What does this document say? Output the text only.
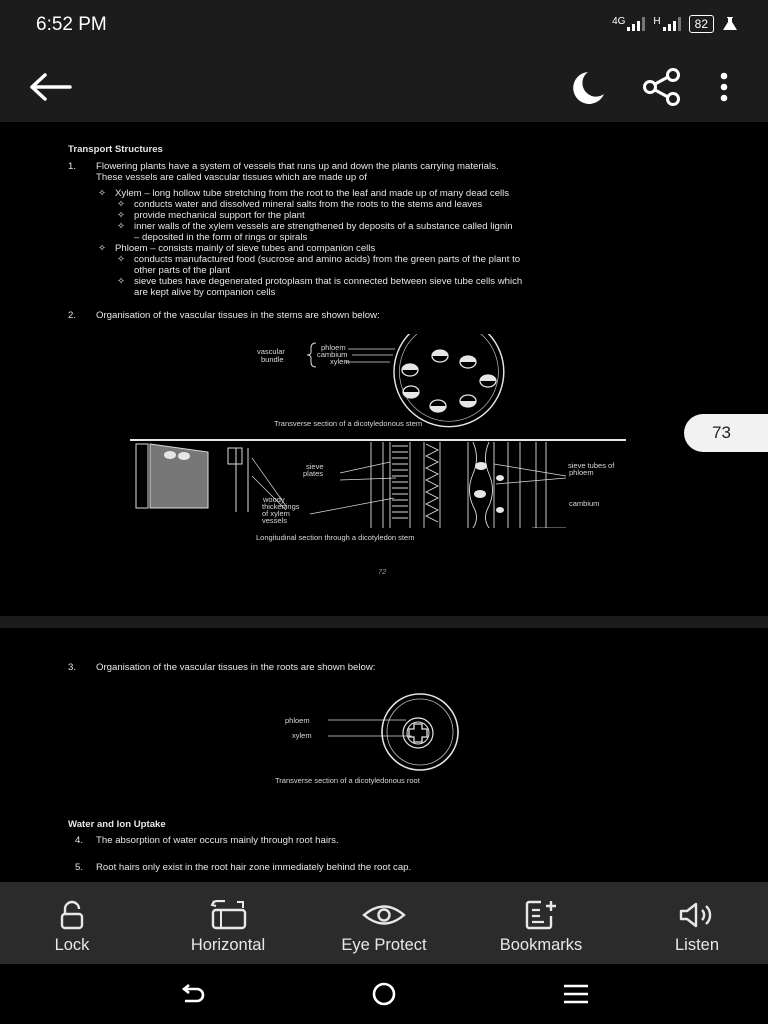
6:52 PM	4G	H	82
Transport Structures
1. Flowering plants have a system of vessels that runs up and down the plants carrying materials.
These vessels are called vascular tissues which are made up of
✧ Xylem – long hollow tube stretching from the root to the leaf and made up of many dead cells
✧ conducts water and dissolved mineral salts from the roots to the stems and leaves
✧ provide mechanical support for the plant
✧ inner walls of the xylem vessels are strengthened by deposits of a substance called lignin
– deposited in the form of rings or spirals
✧ Phloem – consists mainly of sieve tubes and companion cells
✧ conducts manufactured food (sucrose and amino acids) from the green parts of the plant to
other parts of the plant
✧ sieve tubes have degenerated protoplasm that is connected between sieve tube cells which
are kept alive by companion cells
2. Organisation of the vascular tissues in the stems are shown below:
vascular
bundle
phloem
cambium
xylem
Transverse section of a dicotyledonous stem
sieve
plates
woody
thickenings
of xylem
vessels
sieve tubes of
phloem
cambium
Longitudinal section through a dicotyledon stem
72
73
3. Organisation of the vascular tissues in the roots are shown below:
phloem
xylem
Transverse section of a dicotyledonous root
Water and Ion Uptake
4. The absorption of water occurs mainly through root hairs.
5. Root hairs only exist in the root hair zone immediately behind the root cap.
Lock	Horizontal	Eye Protect	Bookmarks	Listen
